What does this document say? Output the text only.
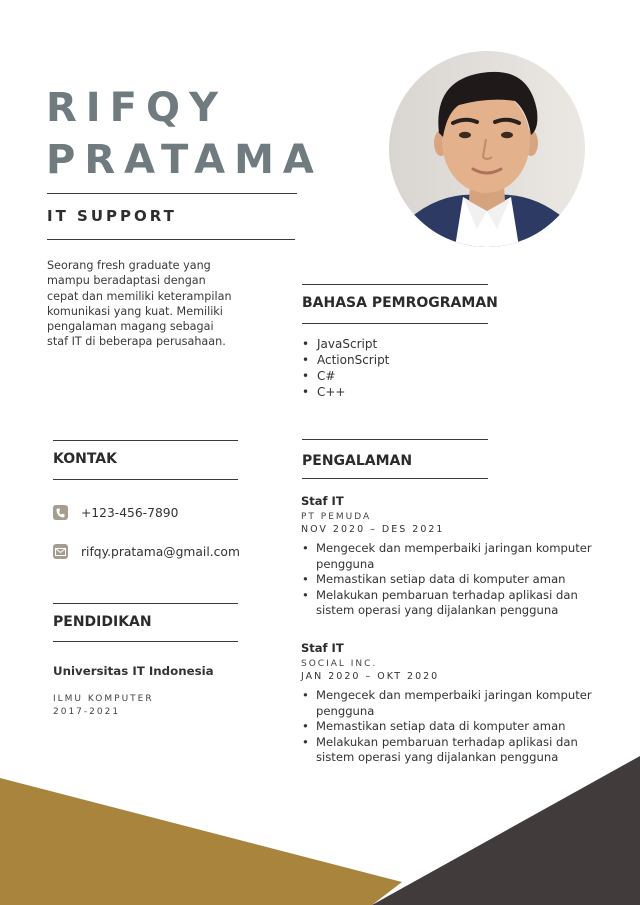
RIFQY
PRATAMA
IT SUPPORT

Seorang fresh graduate yang mampu beradaptasi dengan cepat dan memiliki keterampilan komunikasi yang kuat. Memiliki pengalaman magang sebagai staf IT di beberapa perusahaan.

BAHASA PEMROGRAMAN
• JavaScript
• ActionScript
• C#
• C++
KONTAK
+123-456-7890
rifqy.pratama@gmail.com
PENDIDIKAN
Universitas IT Indonesia
ILMU KOMPUTER
2017-2021
PENGALAMAN
Staf IT
PT PEMUDA
NOV 2020 – DES 2021
• Mengecek dan memperbaiki jaringan komputer pengguna
• Memastikan setiap data di komputer aman
• Melakukan pembaruan terhadap aplikasi dan sistem operasi yang dijalankan pengguna
Staf IT
SOCIAL INC.
JAN 2020 – OKT 2020
• Mengecek dan memperbaiki jaringan komputer pengguna
• Memastikan setiap data di komputer aman
• Melakukan pembaruan terhadap aplikasi dan sistem operasi yang dijalankan pengguna
